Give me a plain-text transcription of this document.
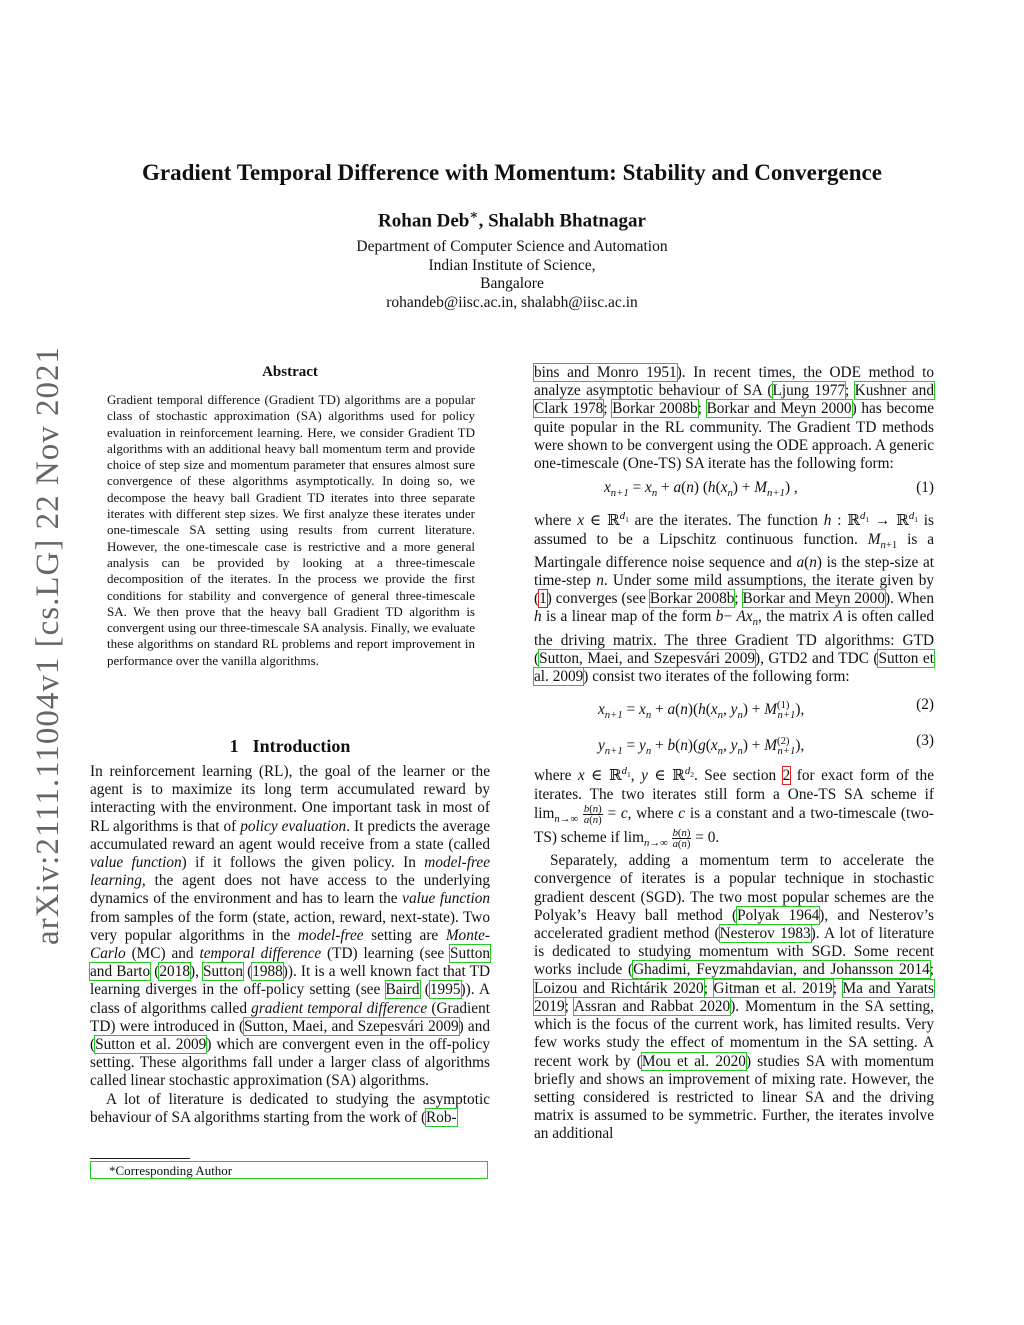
arXiv:2111.11004v1 [cs.LG] 22 Nov 2021
Gradient Temporal Difference with Momentum: Stability and Convergence
Rohan Deb∗, Shalabh Bhatnagar
Department of Computer Science and Automation
Indian Institute of Science,
Bangalore
rohandeb@iisc.ac.in, shalabh@iisc.ac.in
Abstract
Gradient temporal difference (Gradient TD) algorithms are a popular class of stochastic approximation (SA) algorithms used for policy evaluation in reinforcement learning. Here, we consider Gradient TD algorithms with an additional heavy ball momentum term and provide choice of step size and momentum parameter that ensures almost sure convergence of these algorithms asymptotically. In doing so, we decompose the heavy ball Gradient TD iterates into three separate iterates with different step sizes. We first analyze these iterates under one-timescale SA setting using results from current literature. However, the one-timescale case is restrictive and a more general analysis can be provided by looking at a three-timescale decomposition of the iterates. In the process we provide the first conditions for stability and convergence of general three-timescale SA. We then prove that the heavy ball Gradient TD algorithm is convergent using our three-timescale SA analysis. Finally, we evaluate these algorithms on standard RL problems and report improvement in performance over the vanilla algorithms.
1 Introduction

In reinforcement learning (RL), the goal of the learner or the agent is to maximize its long term accumulated reward by interacting with the environment. One important task in most of RL algorithms is that of policy evaluation. It predicts the average accumulated reward an agent would receive from a state (called value function) if it follows the given policy. In model-free learning, the agent does not have access to the underlying dynamics of the environment and has to learn the value function from samples of the form (state, action, reward, next-state). Two very popular algorithms in the model-free setting are Monte-Carlo (MC) and temporal difference (TD) learning (see Sutton and Barto (2018), Sutton (1988)). It is a well known fact that TD learning diverges in the off-policy setting (see Baird (1995)). A class of algorithms called gradient temporal difference (Gradient TD) were introduced in (Sutton, Maei, and Szepesvári 2009) and (Sutton et al. 2009) which are convergent even in the off-policy setting. These algorithms fall under a larger class of algorithms called linear stochastic approximation (SA) algorithms.

A lot of literature is dedicated to studying the asymptotic behaviour of SA algorithms starting from the work of (Rob-

*Corresponding Author

bins and Monro 1951). In recent times, the ODE method to analyze asymptotic behaviour of SA (Ljung 1977; Kushner and Clark 1978; Borkar 2008b; Borkar and Meyn 2000) has become quite popular in the RL community. The Gradient TD methods were shown to be convergent using the ODE approach. A generic one-timescale (One-TS) SA iterate has the following form:

$x_{n+1} = x_n + a(n) (h(x_n) + M_{n+1})$ ,	(1)

where x ∈ ℝ$^{d_1}$ are the iterates. The function h : ℝ$^{d_1}$ → ℝ$^{d_1}$ is assumed to be a Lipschitz continuous function. $M_{n+1}$ is a Martingale difference noise sequence and a(n) is the step-size at time-step n. Under some mild assumptions, the iterate given by (1) converges (see Borkar 2008b; Borkar and Meyn 2000). When h is a linear map of the form $b- Ax_n$, the matrix A is often called the driving matrix. The three Gradient TD algorithms: GTD (Sutton, Maei, and Szepesvári 2009), GTD2 and TDC (Sutton et al. 2009) consist two iterates of the following form:

$x_{n+1} = x_n + a(n)(h(x_n$, $y_n) + M^{(1)}_{n+1}$),	(2)
$y_{n+1} = y_n + b(n)(g(x_n$, $y_n) + M^{(2)}_{n+1}$),	(3)

where x ∈ ℝ$^{d_1}$, y ∈ ℝ$^{d_2}$. See section 2 for exact form of the iterates. The two iterates still form a One-TS SA scheme if $\lim_{n\to\infty} \frac{b(n)}{a(n)} = c$, where c is a constant and a two-timescale (two-TS) scheme if $\lim_{n\to\infty} \frac{b(n)}{a(n)} = 0$.

Separately, adding a momentum term to accelerate the convergence of iterates is a popular technique in stochastic gradient descent (SGD). The two most popular schemes are the Polyak’s Heavy ball method (Polyak 1964), and Nesterov’s accelerated gradient method (Nesterov 1983). A lot of literature is dedicated to studying momentum with SGD. Some recent works include (Ghadimi, Feyzmahdavian, and Johansson 2014; Loizou and Richtárik 2020; Gitman et al. 2019; Ma and Yarats 2019; Assran and Rabbat 2020). Momentum in the SA setting, which is the focus of the current work, has limited results. Very few works study the effect of momentum in the SA setting. A recent work by (Mou et al. 2020) studies SA with momentum briefly and shows an improvement of mixing rate. However, the setting considered is restricted to linear SA and the driving matrix is assumed to be symmetric. Further, the iterates involve an additional
